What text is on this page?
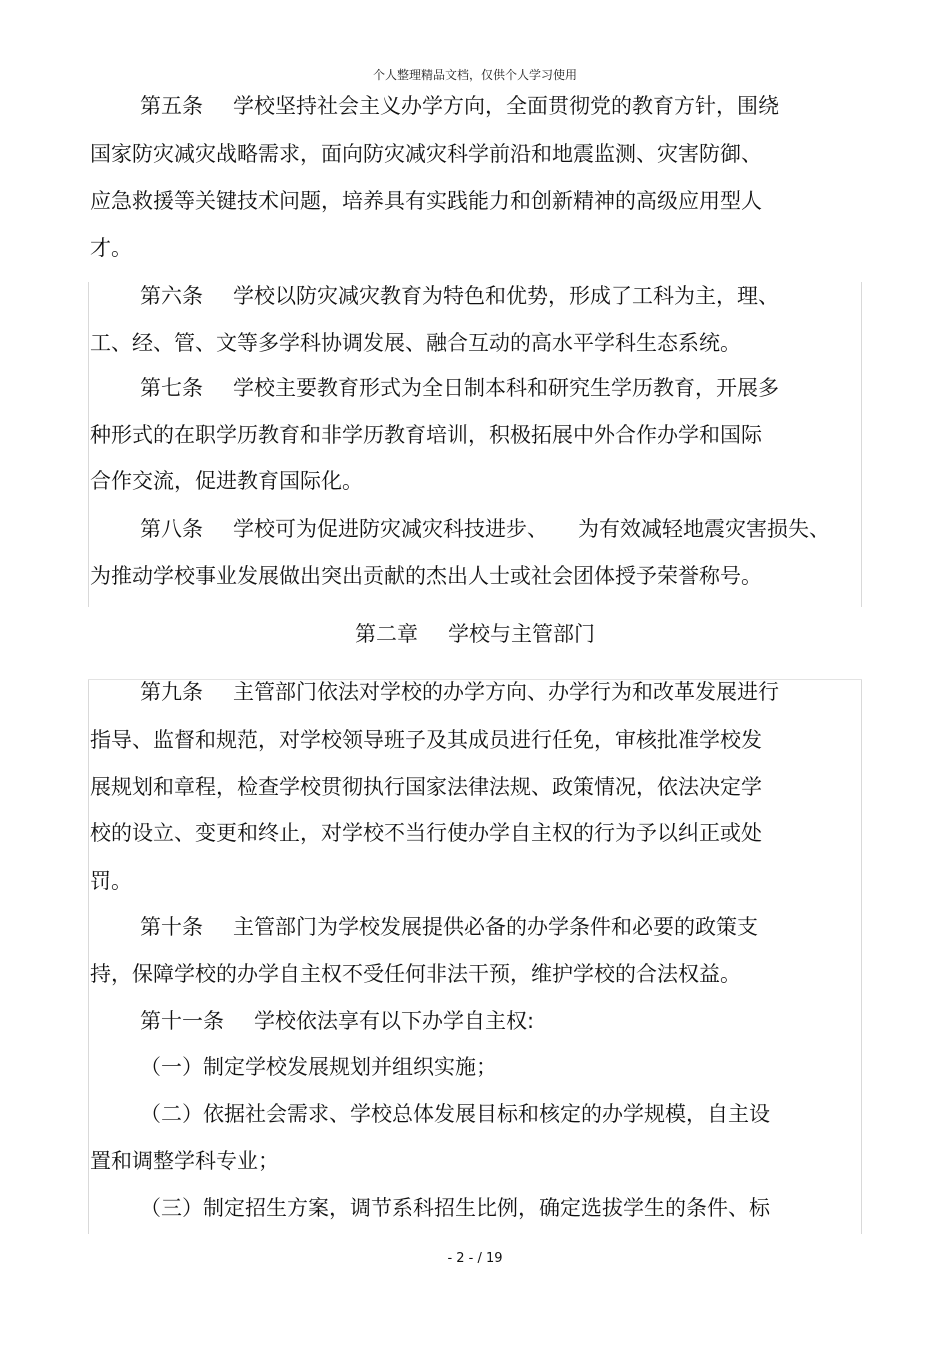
个人整理精品文档，仅供个人学习使用
第五条 学校坚持社会主义办学方向，全面贯彻党的教育方针，围绕
国家防灾减灾战略需求，面向防灾减灾科学前沿和地震监测、灾害防御、
应急救援等关键技术问题，培养具有实践能力和创新精神的高级应用型人
才。
第六条 学校以防灾减灾教育为特色和优势，形成了工科为主，理、
工、经、管、文等多学科协调发展、融合互动的高水平学科生态系统。
第七条 学校主要教育形式为全日制本科和研究生学历教育，开展多
种形式的在职学历教育和非学历教育培训，积极拓展中外合作办学和国际
合作交流，促进教育国际化。
第八条 学校可为促进防灾减灾科技进步、 为有效减轻地震灾害损失、
为推动学校事业发展做出突出贡献的杰出人士或社会团体授予荣誉称号。
第二章 学校与主管部门
第九条 主管部门依法对学校的办学方向、办学行为和改革发展进行
指导、监督和规范，对学校领导班子及其成员进行任免，审核批准学校发
展规划和章程，检查学校贯彻执行国家法律法规、政策情况，依法决定学
校的设立、变更和终止，对学校不当行使办学自主权的行为予以纠正或处
罚。
第十条 主管部门为学校发展提供必备的办学条件和必要的政策支
持，保障学校的办学自主权不受任何非法干预，维护学校的合法权益。
第十一条 学校依法享有以下办学自主权:
（一）制定学校发展规划并组织实施；
（二）依据社会需求、学校总体发展目标和核定的办学规模，自主设
置和调整学科专业；
（三）制定招生方案，调节系科招生比例，确定选拔学生的条件、标
- 2 - / 19
